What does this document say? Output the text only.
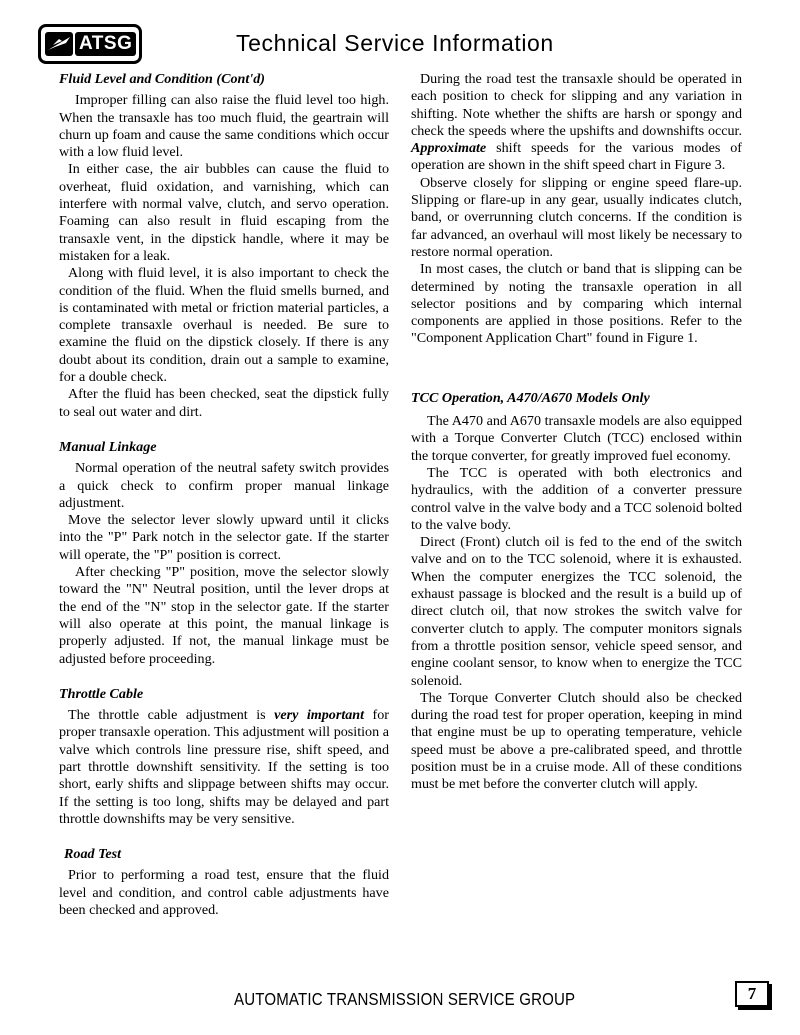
ATSG	Technical Service Information
Fluid Level and Condition (Cont'd)

Improper filling can also raise the fluid level too high. When the transaxle has too much fluid, the geartrain will churn up foam and cause the same conditions which occur with a low fluid level.

In either case, the air bubbles can cause the fluid to overheat, fluid oxidation, and varnishing, which can interfere with normal valve, clutch, and servo operation. Foaming can also result in fluid escaping from the transaxle vent, in the dipstick handle, where it may be mistaken for a leak.

Along with fluid level, it is also important to check the condition of the fluid. When the fluid smells burned, and is contaminated with metal or friction material particles, a complete transaxle overhaul is needed. Be sure to examine the fluid on the dipstick closely. If there is any doubt about its condition, drain out a sample to examine, for a double check.

After the fluid has been checked, seat the dipstick fully to seal out water and dirt.

Manual Linkage

Normal operation of the neutral safety switch provides a quick check to confirm proper manual linkage adjustment.

Move the selector lever slowly upward until it clicks into the "P" Park notch in the selector gate. If the starter will operate, the "P" position is correct.

After checking "P" position, move the selector slowly toward the "N" Neutral position, until the lever drops at the end of the "N" stop in the selector gate. If the starter will also operate at this point, the manual linkage is properly adjusted. If not, the manual linkage must be adjusted before proceeding.

Throttle Cable

The throttle cable adjustment is very important for proper transaxle operation. This adjustment will position a valve which controls line pressure rise, shift speed, and part throttle downshift sensitivity. If the setting is too short, early shifts and slippage between shifts may occur. If the setting is too long, shifts may be delayed and part throttle downshifts may be very sensitive.

Road Test

Prior to performing a road test, ensure that the fluid level and condition, and control cable adjustments have been checked and approved.

During the road test the transaxle should be operated in each position to check for slipping and any variation in shifting. Note whether the shifts are harsh or spongy and check the speeds where the upshifts and downshifts occur. Approximate shift speeds for the various modes of operation are shown in the shift speed chart in Figure 3.

Observe closely for slipping or engine speed flare-up. Slipping or flare-up in any gear, usually indicates clutch, band, or overrunning clutch concerns. If the condition is far advanced, an overhaul will most likely be necessary to restore normal operation.

In most cases, the clutch or band that is slipping can be determined by noting the transaxle operation in all selector positions and by comparing which internal components are applied in those positions. Refer to the "Component Application Chart" found in Figure 1.

TCC Operation, A470/A670 Models Only

The A470 and A670 transaxle models are also equipped with a Torque Converter Clutch (TCC) enclosed within the torque converter, for greatly improved fuel economy.

The TCC is operated with both electronics and hydraulics, with the addition of a converter pressure control valve in the valve body and a TCC solenoid bolted to the valve body.

Direct (Front) clutch oil is fed to the end of the switch valve and on to the TCC solenoid, where it is exhausted. When the computer energizes the TCC solenoid, the exhaust passage is blocked and the result is a build up of direct clutch oil, that now strokes the switch valve for converter clutch to apply. The computer monitors signals from a throttle position sensor, vehicle speed sensor, and engine coolant sensor, to know when to energize the TCC solenoid.

The Torque Converter Clutch should also be checked during the road test for proper operation, keeping in mind that engine must be up to operating temperature, vehicle speed must be above a pre-calibrated speed, and throttle position must be in a cruise mode. All of these conditions must be met before the converter clutch will apply.

AUTOMATIC TRANSMISSION SERVICE GROUP	7
